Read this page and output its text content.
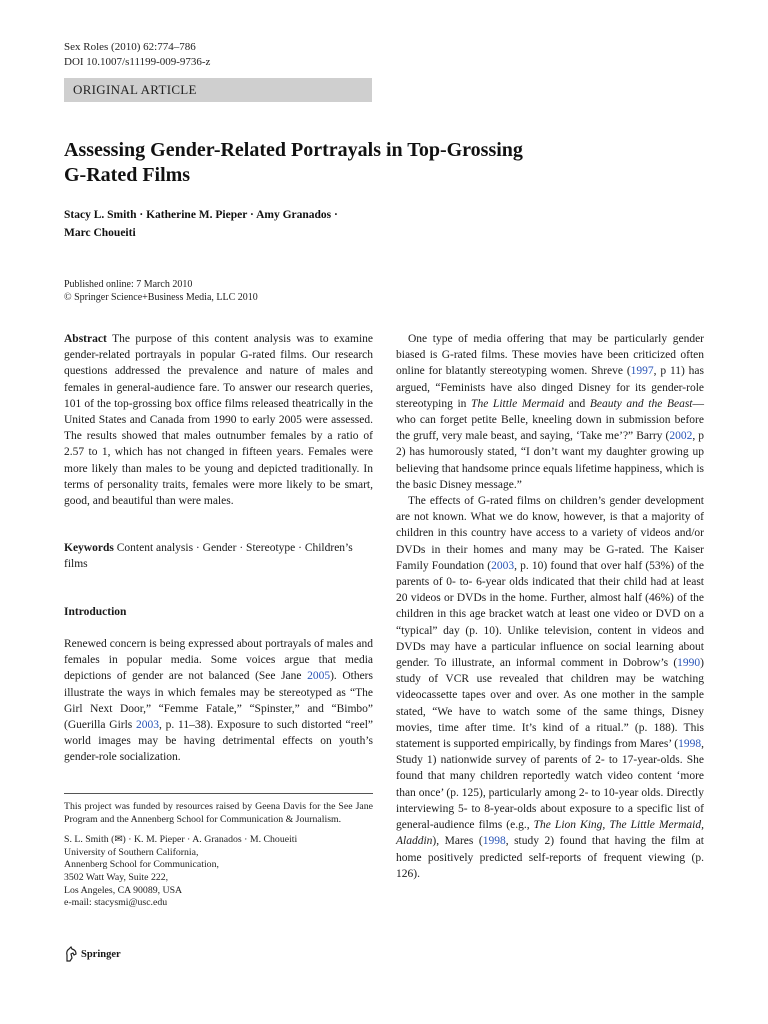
Sex Roles (2010) 62:774–786
DOI 10.1007/s11199-009-9736-z
ORIGINAL ARTICLE
Assessing Gender-Related Portrayals in Top-Grossing
G-Rated Films
Stacy L. Smith · Katherine M. Pieper · Amy Granados ·
Marc Choueiti
Published online: 7 March 2010
© Springer Science+Business Media, LLC 2010

Abstract The purpose of this content analysis was to examine gender-related portrayals in popular G-rated films. Our research questions addressed the prevalence and nature of males and females in general-audience fare. To answer our research queries, 101 of the top-grossing box office films released theatrically in the United States and Canada from 1990 to early 2005 were assessed. The results showed that males outnumber females by a ratio of 2.57 to 1, which has not changed in fifteen years. Females were more likely than males to be young and depicted traditionally. In terms of personality traits, females were more likely to be smart, good, and beautiful than were males.

Keywords Content analysis · Gender · Stereotype · Children’s films

Introduction

Renewed concern is being expressed about portrayals of males and females in popular media. Some voices argue that media depictions of gender are not balanced (See Jane 2005). Others illustrate the ways in which females may be stereotyped as “The Girl Next Door,” “Femme Fatale,” “Spinster,” and “Bimbo” (Guerilla Girls 2003, p. 11–38). Exposure to such distorted “reel” world images may be having detrimental effects on youth’s gender-role socialization.

This project was funded by resources raised by Geena Davis for the See Jane Program and the Annenberg School for Communication & Journalism.

S. L. Smith (✉) · K. M. Pieper · A. Granados · M. Choueiti

University of Southern California,

Annenberg School for Communication,

3502 Watt Way, Suite 222,

Los Angeles, CA 90089, USA

e-mail: stacysmi@usc.edu

Springer

One type of media offering that may be particularly gender biased is G-rated films. These movies have been criticized often online for blatantly stereotyping women. Shreve (1997, p 11) has argued, “Feminists have also dinged Disney for its gender-role stereotyping in The Little Mermaid and Beauty and the Beast—who can forget petite Belle, kneeling down in submission before the gruff, very male beast, and saying, ‘Take me’?” Barry (2002, p 2) has humorously stated, “I don’t want my daughter growing up believing that handsome prince equals lifetime happiness, which is the basic Disney message.”

The effects of G-rated films on children’s gender development are not known. What we do know, however, is that a majority of children in this country have access to a variety of videos and/or DVDs in their homes and many may be G-rated. The Kaiser Family Foundation (2003, p. 10) found that over half (53%) of the parents of 0- to- 6-year olds indicated that their child had at least 20 videos or DVDs in the home. Further, almost half (46%) of the children in this age bracket watch at least one video or DVD on a “typical” day (p. 10). Unlike television, content in videos and DVDs may have a particular influence on social learning about gender. To illustrate, an informal comment in Dobrow’s (1990) study of VCR use revealed that children may be watching videocassette tapes over and over. As one mother in the sample stated, “We have to watch some of the same things, Disney movies, time after time. It’s kind of a ritual.” (p. 188). This statement is supported empirically, by findings from Mares’ (1998, Study 1) nationwide survey of parents of 2- to 17-year-olds. She found that many children reportedly watch video content ‘more than once’ (p. 125), particularly among 2- to 10-year olds. Directly interviewing 5- to 8-year-olds about exposure to a specific list of general-audience films (e.g., The Lion King, The Little Mermaid, Aladdin), Mares (1998, study 2) found that having the film at home positively predicted self-reports of frequent viewing (p. 126).
